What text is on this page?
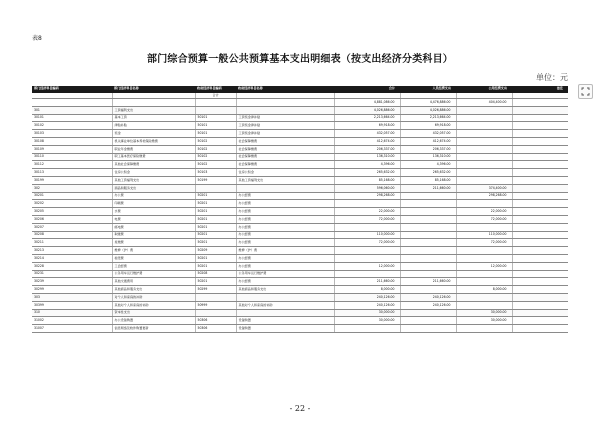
表8
部门综合预算一般公共预算基本支出明细表（按支出经济分类科目）
单位：元
部门经济科目编码	部门经济科目名称	政府经济科目编码	政府经济科目名称	合计	人员经费支出	公用经费支出	备注
		合计					
				4,881,086.00	4,476,886.00	404,400.00	
301	工资福利支出			4,026,886.00	4,026,886.00		
30101	基本工资	50101	工资奖金津补贴	2,213,664.00	2,213,664.00		
30102	津贴补贴	50101	工资奖金津补贴	69,918.00	69,918.00		
30103	奖金	50101	工资奖金津补贴	432,057.00	432,057.00		
30108	机关事业单位基本养老保险缴费	50102	社会保障缴费	412,674.00	412,674.00		
30109	职业年金缴费	50102	社会保障缴费	206,337.00	206,337.00		
30110	职工基本医疗保险缴费	50102	社会保障缴费	136,310.00	136,310.00		
30112	其他社会保障缴费	50102	社会保障缴费	4,396.00	4,396.00		
30113	住房公积金	50103	住房公积金	265,632.00	265,632.00		
30199	其他工资福利支出	50199	其他工资福利支出	85,168.00	85,168.00		
302	商品和服务支出			596,060.00	211,660.00	374,400.00	
30201	办公费	50201	办公经费	298,268.00		298,268.00	
30202	印刷费	50201	办公经费				
30205	水费	50201	办公经费	22,000.00		22,000.00	
30206	电费	50201	办公经费	72,000.00		72,000.00	
30207	邮电费	50201	办公经费				
30208	取暖费	50201	办公经费	110,000.00		110,000.00	
30211	差旅费	50201	办公经费	72,000.00		72,000.00	
30213	维修（护）费	50209	维修（护）费				
30214	租赁费	50201	办公经费				
30228	工会经费	50201	办公经费	12,000.00		12,000.00	
30231	公务用车运行维护费	50208	公务用车运行维护费				
30239	其他交通费用	50201	办公经费	211,660.00	211,660.00		
30299	其他商品和服务支出	50299	其他商品和服务支出	8,000.00		8,000.00	
303	对个人和家庭的补助			240,126.00	240,126.00		
30399	其他对个人和家庭的补助	50999	其他对个人和家庭的补助	240,126.00	240,126.00		
310	资本性支出			30,000.00		30,000.00	
31002	办公设备购置	50306	设备购置	30,000.00		30,000.00	
31007	信息网络及软件购置更新	50306	设备购置				
- 22 -
